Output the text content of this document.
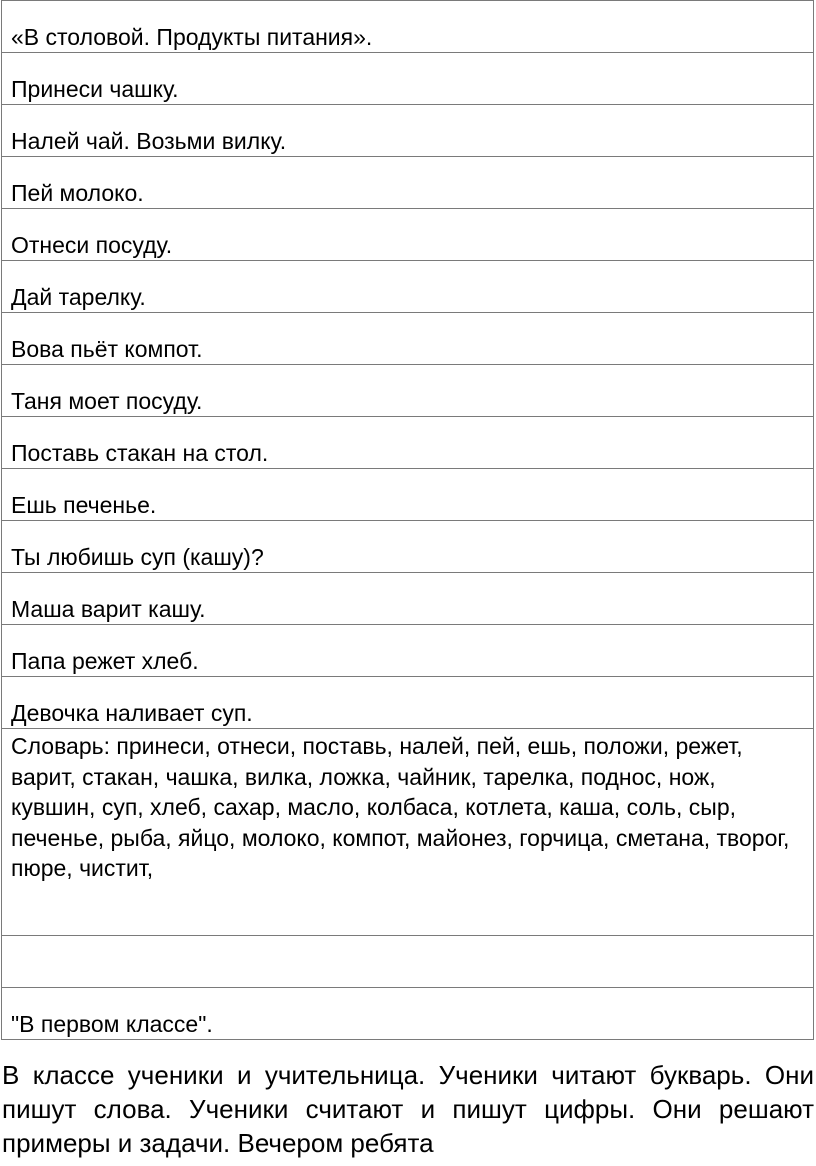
«В столовой. Продукты питания».
Принеси чашку.
Налей чай. Возьми вилку.
Пей молоко.
Отнеси посуду.
Дай тарелку.
Вова пьёт компот.
Таня моет посуду.
Поставь стакан на стол.
Ешь печенье.
Ты любишь суп (кашу)?
Маша варит кашу.
Папа режет хлеб.
Девочка наливает суп.
Словарь: принеси, отнеси, поставь, налей, пей, ешь, положи, режет, варит, стакан, чашка, вилка, ложка, чайник, тарелка, поднос, нож, кувшин, суп, хлеб, сахар, масло, колбаса, котлета, каша, соль, сыр, печенье, рыба, яйцо, молоко, компот, майонез, горчица, сметана, творог, пюре, чистит,

"В первом классе".
В классе ученики и учительница. Ученики читают букварь. Они пишут слова. Ученики считают и пишут цифры. Они решают примеры и задачи. Вечером ребята
